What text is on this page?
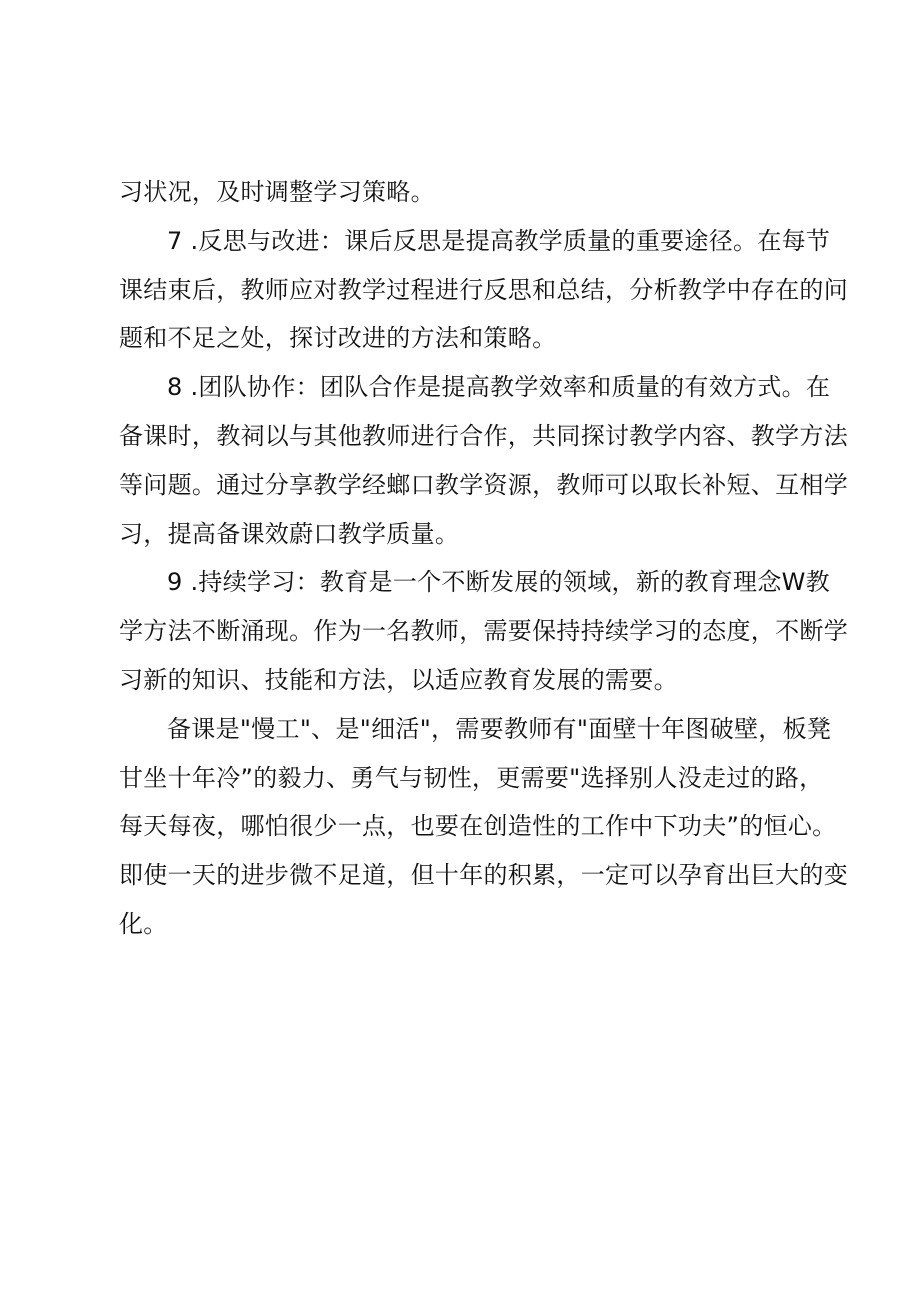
习状况，及时调整学习策略。
7 .反思与改进：课后反思是提高教学质量的重要途径。在每节
课结束后，教师应对教学过程进行反思和总结，分析教学中存在的问
题和不足之处，探讨改进的方法和策略。
8 .团队协作：团队合作是提高教学效率和质量的有效方式。在
备课时，教祠以与其他教师进行合作，共同探讨教学内容、教学方法
等问题。通过分享教学经螂口教学资源，教师可以取长补短、互相学
习，提高备课效蔚口教学质量。
9 .持续学习：教育是一个不断发展的领域，新的教育理念W教
学方法不断涌现。作为一名教师，需要保持持续学习的态度，不断学
习新的知识、技能和方法，以适应教育发展的需要。
备课是"慢工"、是"细活"，需要教师有"面壁十年图破壁，板凳
甘坐十年冷”的毅力、勇气与韧性，更需要"选择别人没走过的路，
每天每夜，哪怕很少一点，也要在创造性的工作中下功夫”的恒心。
即使一天的进步微不足道，但十年的积累，一定可以孕育出巨大的变
化。
